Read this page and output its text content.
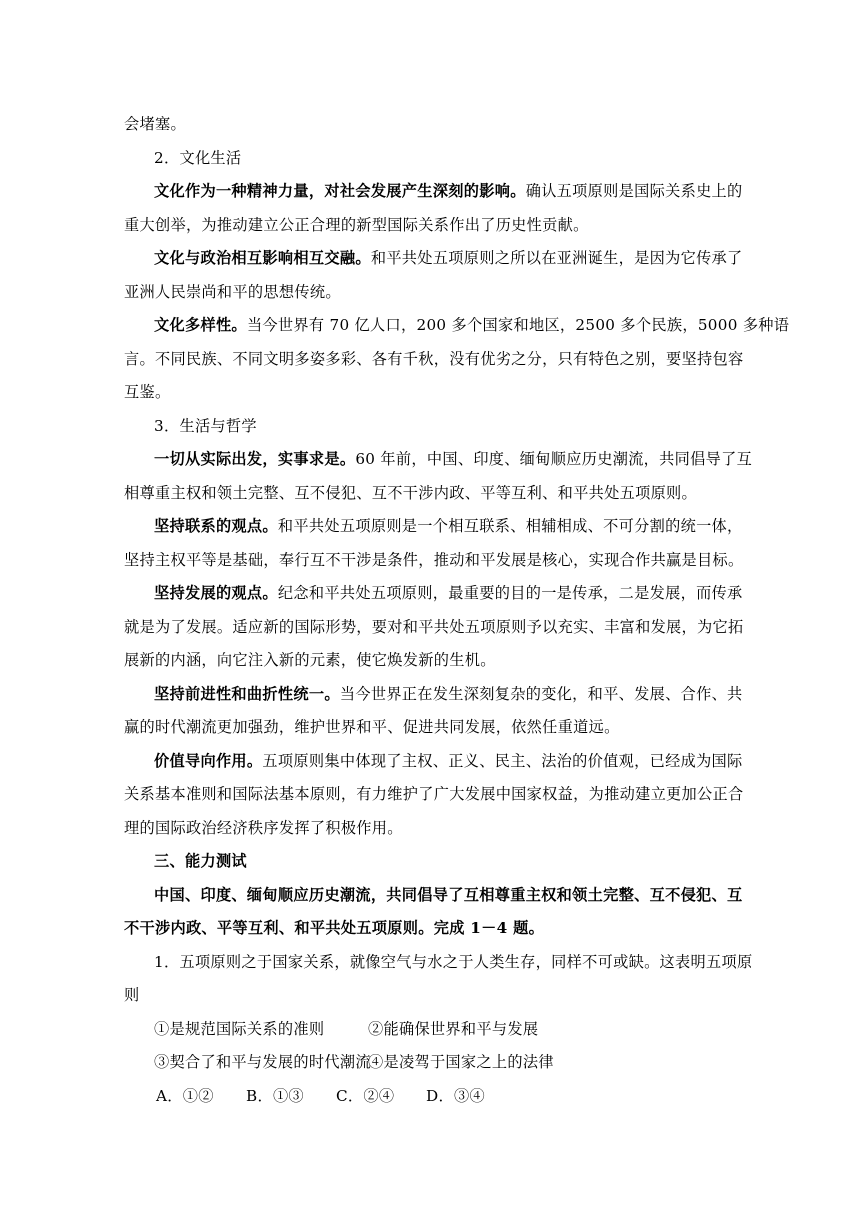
会堵塞。
2．文化生活
文化作为一种精神力量，对社会发展产生深刻的影响。确认五项原则是国际关系史上的
重大创举，为推动建立公正合理的新型国际关系作出了历史性贡献。
文化与政治相互影响相互交融。和平共处五项原则之所以在亚洲诞生，是因为它传承了
亚洲人民崇尚和平的思想传统。
文化多样性。当今世界有 70 亿人口，200 多个国家和地区，2500 多个民族，5000 多种语
言。不同民族、不同文明多姿多彩、各有千秋，没有优劣之分，只有特色之别，要坚持包容
互鉴。
3．生活与哲学
一切从实际出发，实事求是。60 年前，中国、印度、缅甸顺应历史潮流，共同倡导了互
相尊重主权和领土完整、互不侵犯、互不干涉内政、平等互利、和平共处五项原则。
坚持联系的观点。和平共处五项原则是一个相互联系、相辅相成、不可分割的统一体，
坚持主权平等是基础，奉行互不干涉是条件，推动和平发展是核心，实现合作共赢是目标。
坚持发展的观点。纪念和平共处五项原则，最重要的目的一是传承，二是发展，而传承
就是为了发展。适应新的国际形势，要对和平共处五项原则予以充实、丰富和发展，为它拓
展新的内涵，向它注入新的元素，使它焕发新的生机。
坚持前进性和曲折性统一。当今世界正在发生深刻复杂的变化，和平、发展、合作、共
赢的时代潮流更加强劲，维护世界和平、促进共同发展，依然任重道远。
价值导向作用。五项原则集中体现了主权、正义、民主、法治的价值观，已经成为国际
关系基本准则和国际法基本原则，有力维护了广大发展中国家权益，为推动建立更加公正合
理的国际政治经济秩序发挥了积极作用。
三、能力测试
中国、印度、缅甸顺应历史潮流，共同倡导了互相尊重主权和领土完整、互不侵犯、互
不干涉内政、平等互利、和平共处五项原则。完成 1－4 题。
1．五项原则之于国家关系，就像空气与水之于人类生存，同样不可或缺。这表明五项原
则
①是规范国际关系的准则	②能确保世界和平与发展
③契合了和平与发展的时代潮流
④是凌驾于国家之上的法律
A．①②	B．①③	C．②④	D．③④
